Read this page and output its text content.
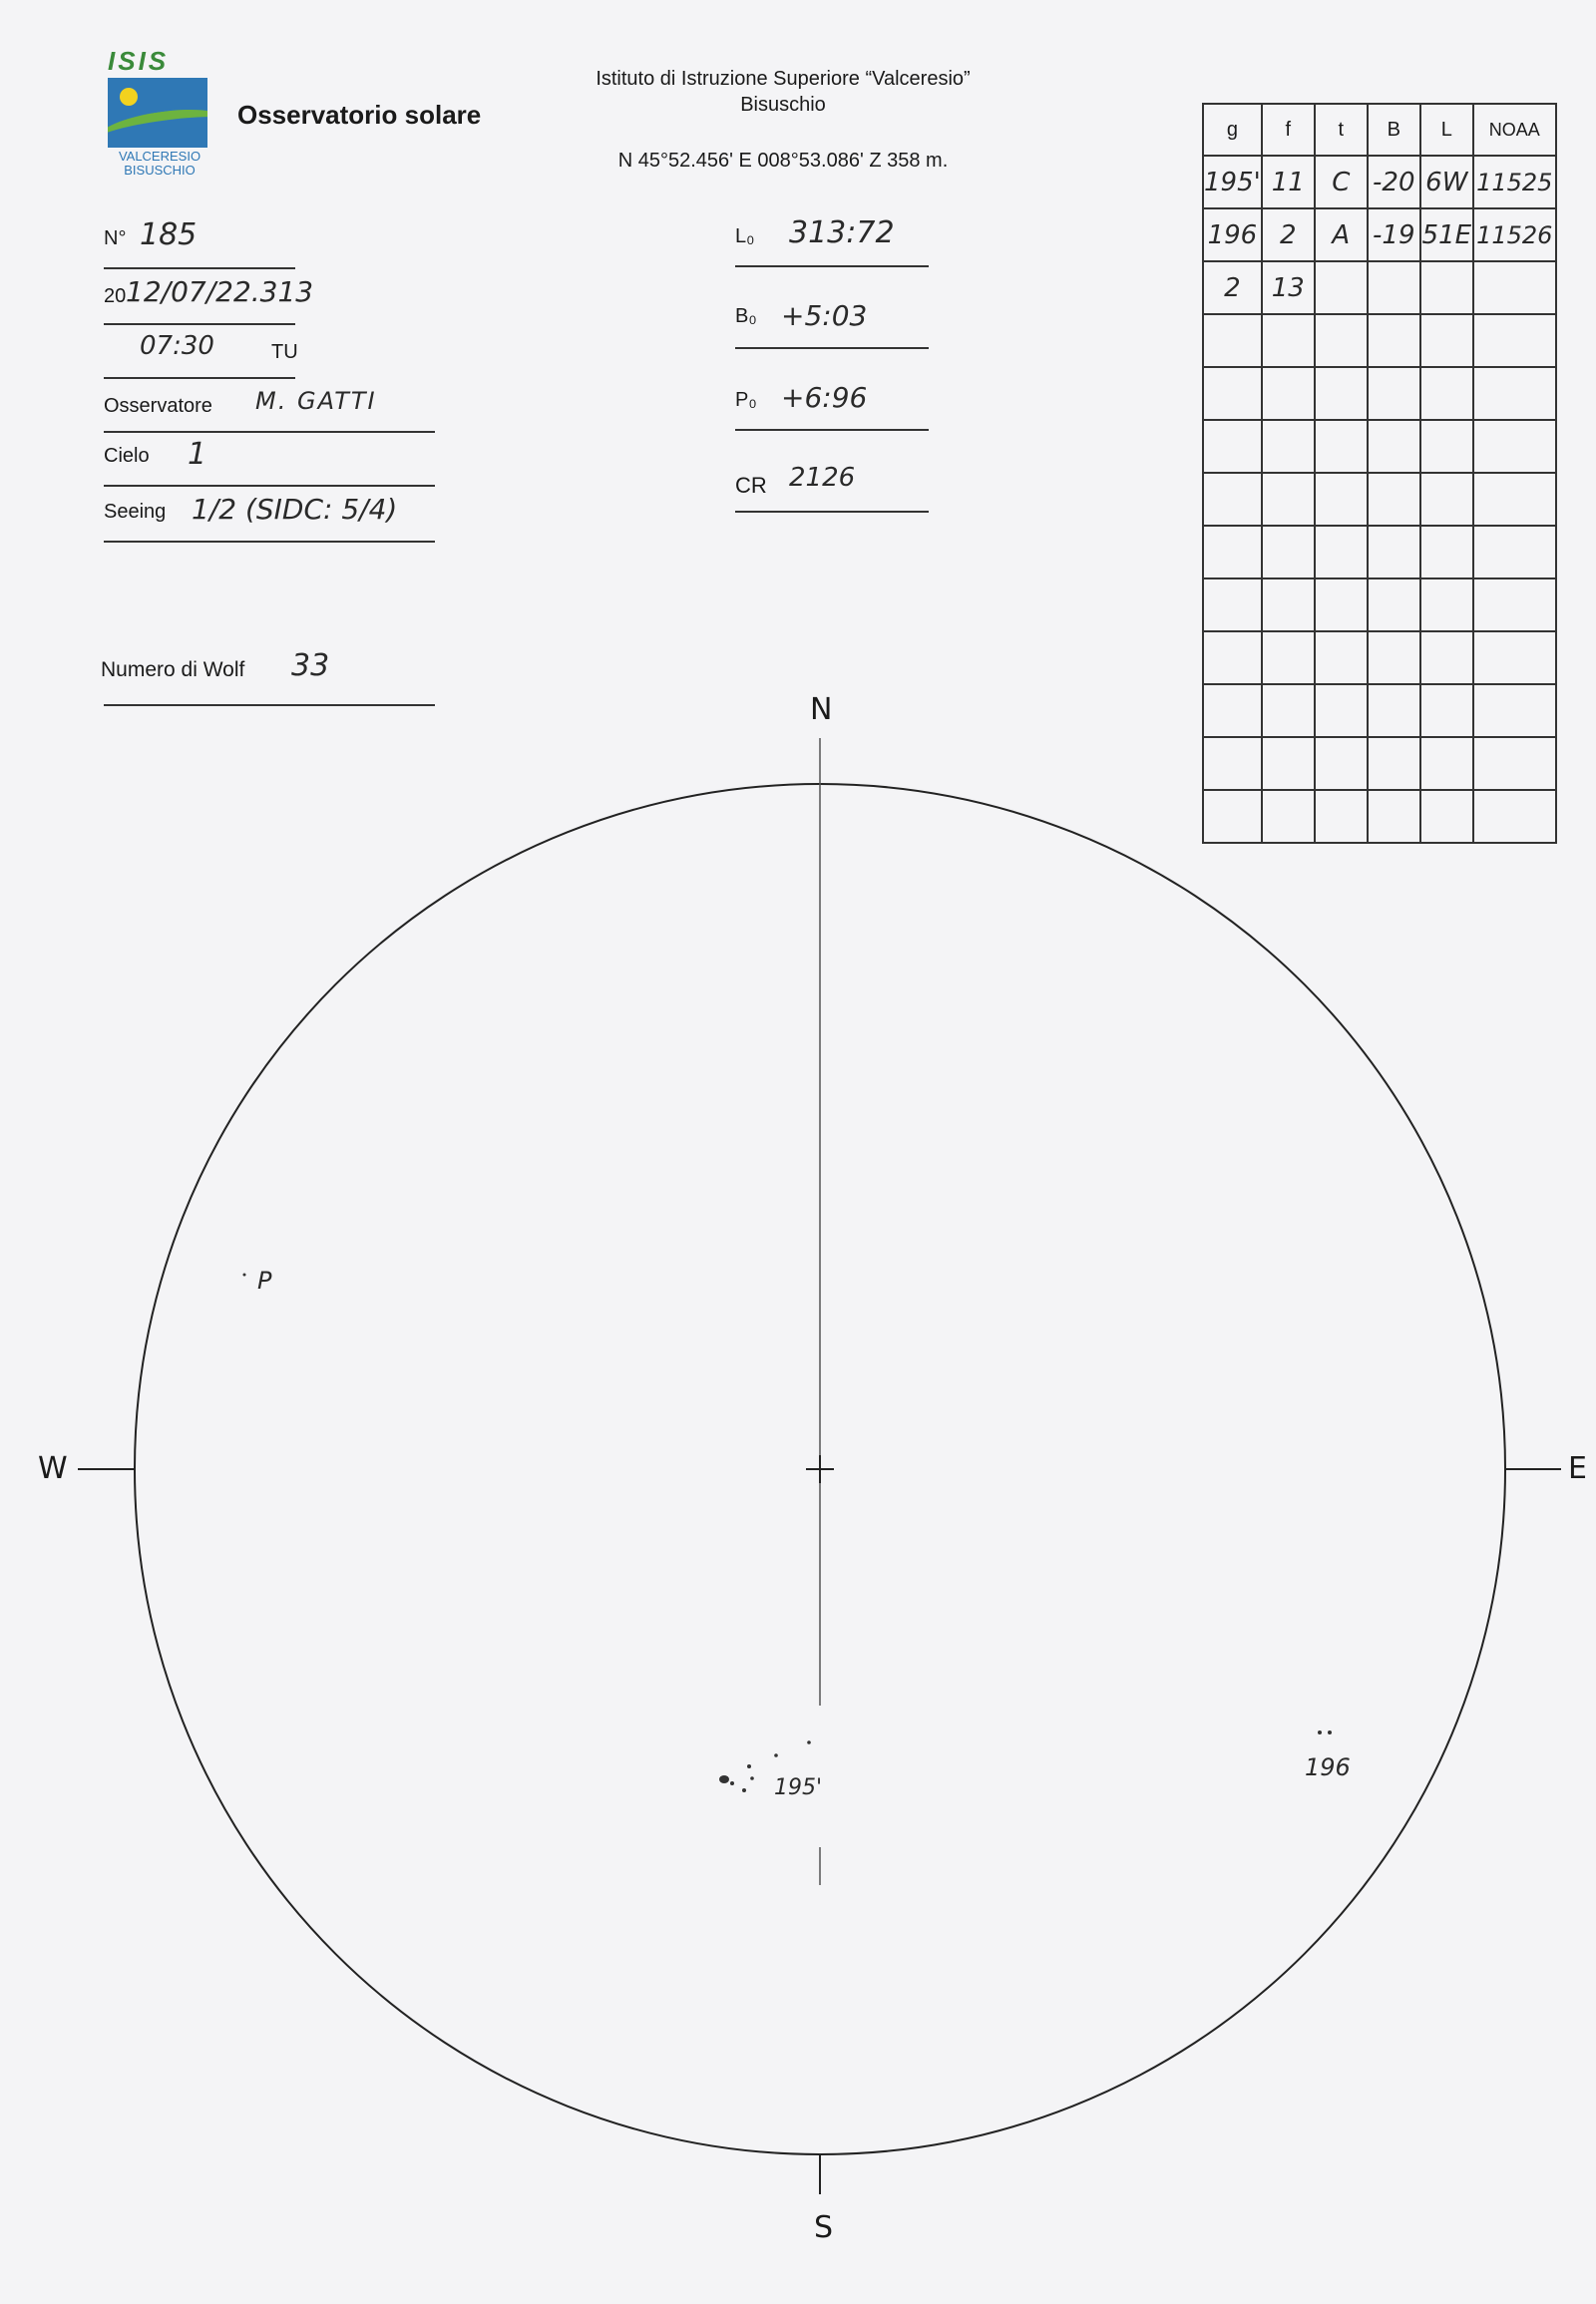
ISIS
VALCERESIO
BISUSCHIO
Osservatorio solare
Istituto di Istruzione Superiore “Valceresio”
Bisuschio
N 45°52.456' E 008°53.086' Z 358 m.
N° 185
20 12/07/22.313
07:30	TU
Osservatore M. GATTI
Cielo 1
Seeing 1/2 (SIDC: 5/4)
L₀ 313:72
B₀ +5:03
P₀ +6:96
CR 2126
g	f	t	B	L	NOAA
195'	11	C	-20	6W	11525
196	2	A	-19	51E	11526
2	13				

Numero di Wolf 33
N
S
W	E
P
195'
196
